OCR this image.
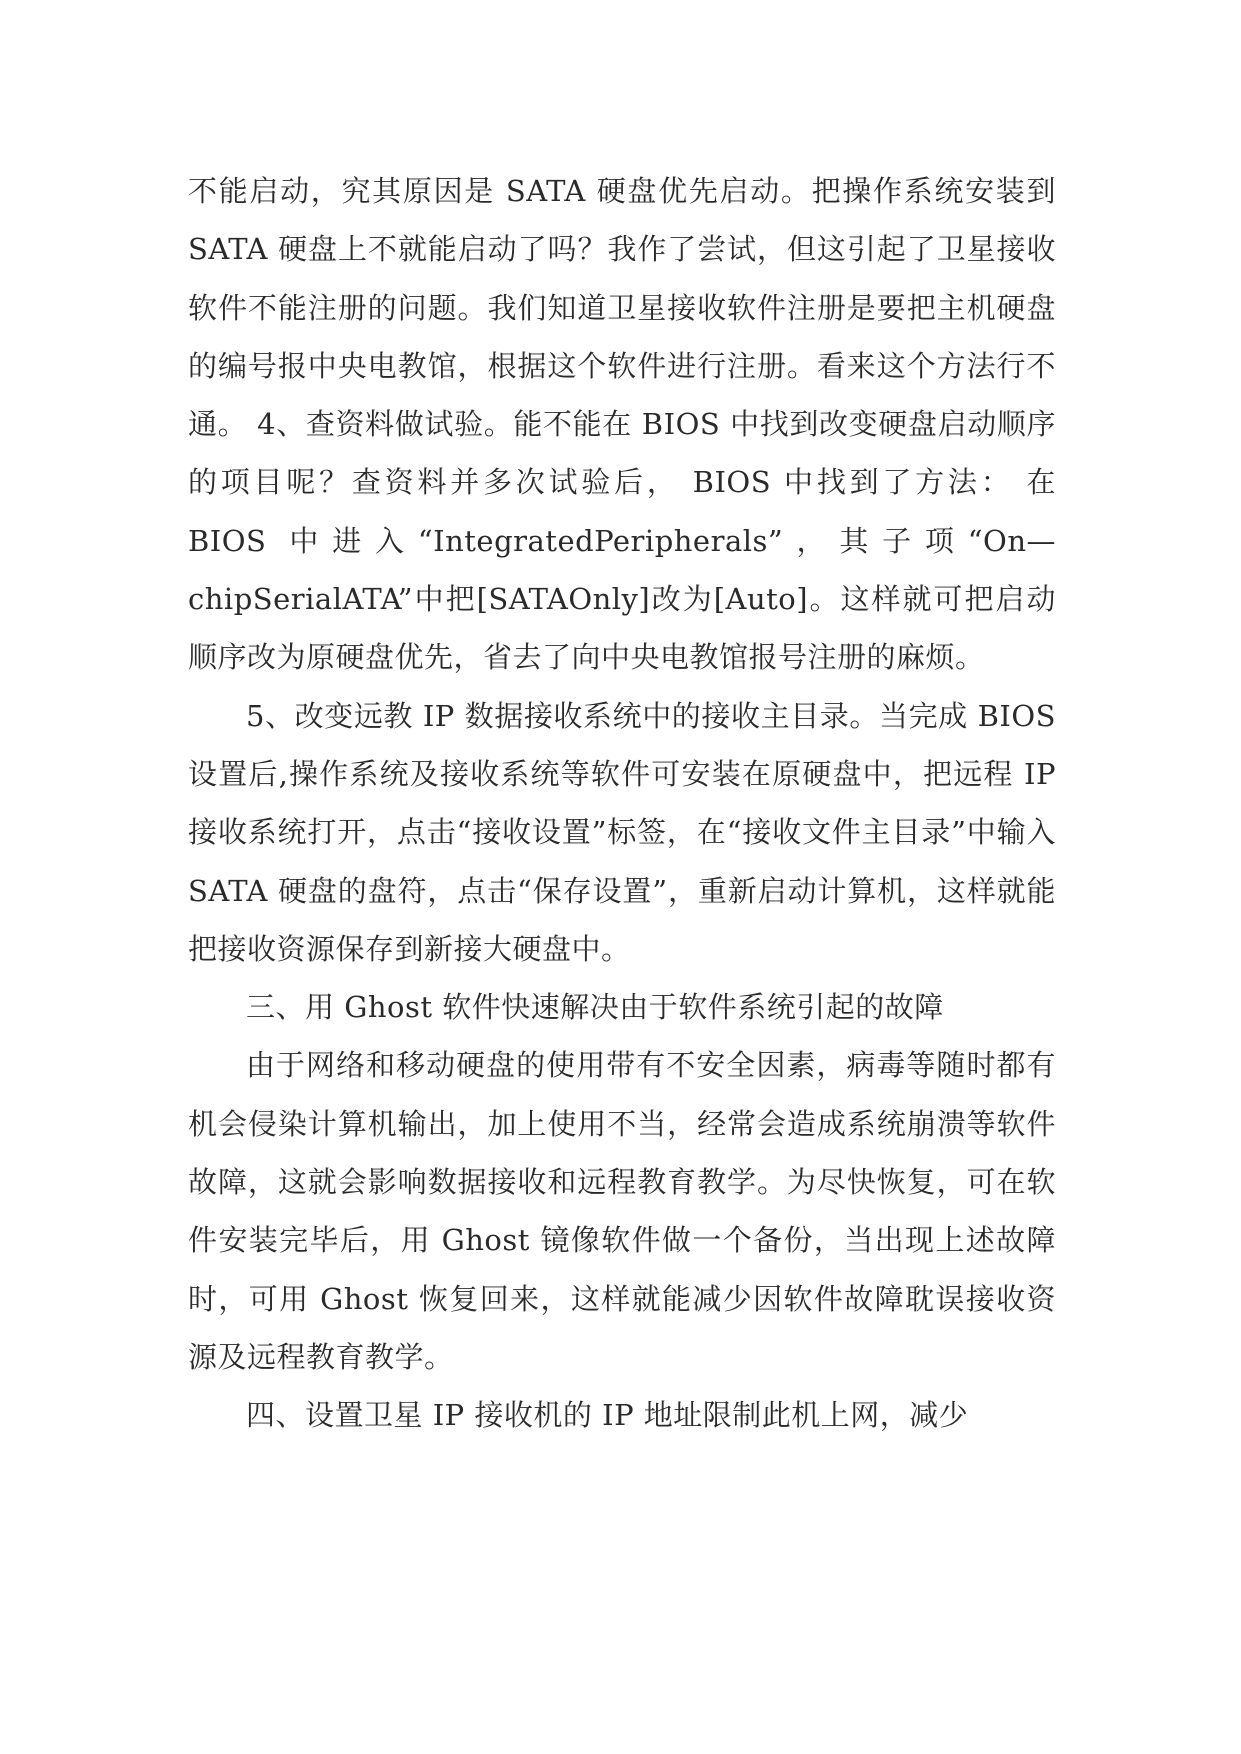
不能启动，究其原因是 SATA 硬盘优先启动。把操作系统安装到 SATA 硬盘上不就能启动了吗？我作了尝试，但这引起了卫星接收软件不能注册的问题。我们知道卫星接收软件注册是要把主机硬盘的编号报中央电教馆，根据这个软件进行注册。看来这个方法行不通。 4、查资料做试验。能不能在 BIOS 中找到改变硬盘启动顺序的项目呢？查资料并多次试验后， BIOS 中找到了方法： 在 BIOS 中进入“IntegratedPeripherals”，其子项“On—chipSerialATA”中把[SATAOnly]改为[Auto]。这样就可把启动顺序改为原硬盘优先，省去了向中央电教馆报号注册的麻烦。

5、改变远教 IP 数据接收系统中的接收主目录。当完成 BIOS设置后,操作系统及接收系统等软件可安装在原硬盘中，把远程 IP 接收系统打开，点击“接收设置”标签，在“接收文件主目录”中输入 SATA 硬盘的盘符，点击“保存设置”，重新启动计算机，这样就能把接收资源保存到新接大硬盘中。

三、用 Ghost 软件快速解决由于软件系统引起的故障

由于网络和移动硬盘的使用带有不安全因素，病毒等随时都有机会侵染计算机输出，加上使用不当，经常会造成系统崩溃等软件故障，这就会影响数据接收和远程教育教学。为尽快恢复，可在软件安装完毕后，用 Ghost 镜像软件做一个备份，当出现上述故障时，可用 Ghost 恢复回来，这样就能减少因软件故障耽误接收资源及远程教育教学。

四、设置卫星 IP 接收机的 IP 地址限制此机上网，减少
